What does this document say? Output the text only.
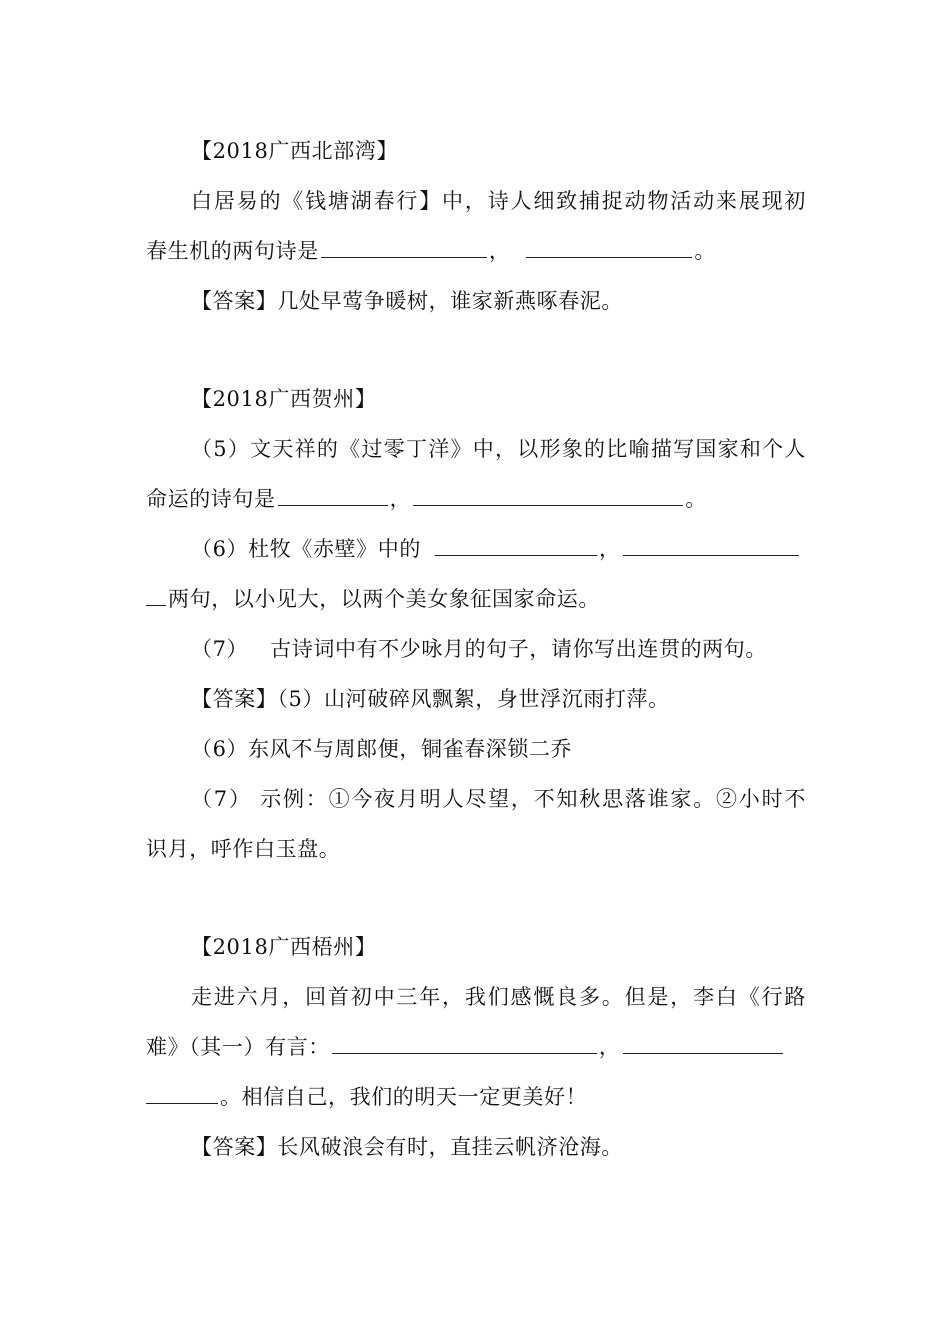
【2018广西北部湾】
白居易的《钱塘湖春行】中，诗人细致捕捉动物活动来展现初
春生机的两句诗是	，	。
【答案】几处早莺争暖树，谁家新燕啄春泥。
【2018广西贺州】
（5）文天祥的《过零丁洋》中，以形象的比喻描写国家和个人
命运的诗句是	，	。
（6）杜牧《赤壁》中的	，
两句，以小见大，以两个美女象征国家命运。
（7） 古诗词中有不少咏月的句子，请你写出连贯的两句。
【答案】（5）山河破碎风飘絮，身世浮沉雨打萍。
（6）东风不与周郎便，铜雀春深锁二乔
（7） 示例：①今夜月明人尽望，不知秋思落谁家。②小时不
识月，呼作白玉盘。
【2018广西梧州】
走进六月，回首初中三年，我们感慨良多。但是，李白《行路
难》（其一）有言：	，
。相信自己，我们的明天一定更美好！
【答案】长风破浪会有时，直挂云帆济沧海。
